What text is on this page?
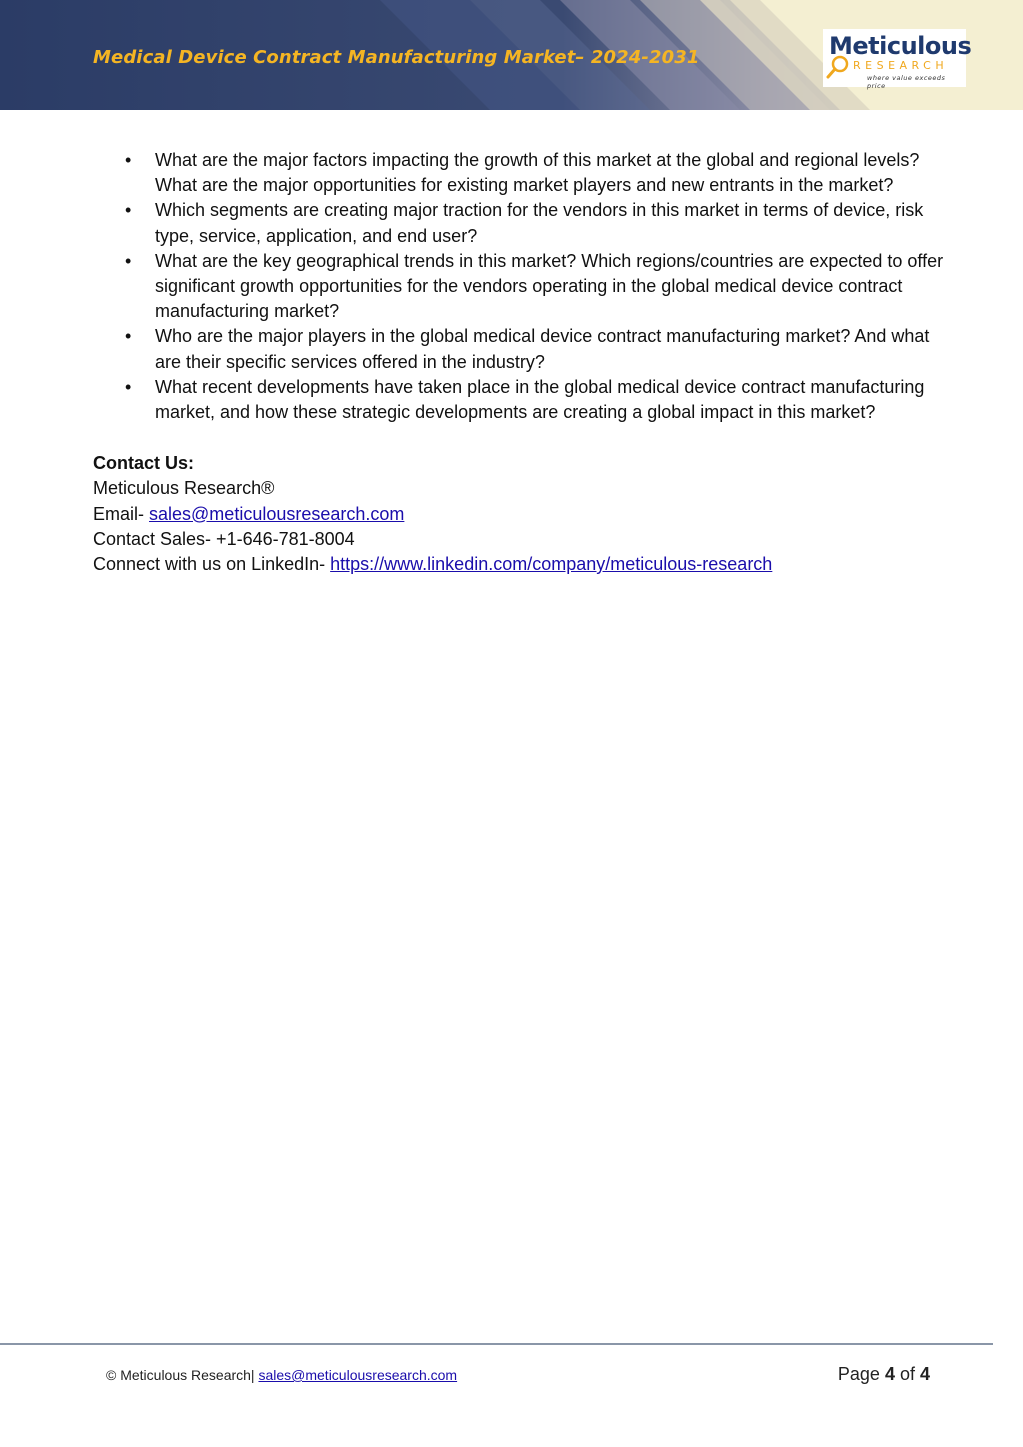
Medical Device Contract Manufacturing Market– 2024-2031	Meticulous
RESEARCH
where value exceeds price
• What are the major factors impacting the growth of this market at the global and regional levels? What are the major opportunities for existing market players and new entrants in the market?
• Which segments are creating major traction for the vendors in this market in terms of device, risk type, service, application, and end user?
• What are the key geographical trends in this market? Which regions/countries are expected to offer significant growth opportunities for the vendors operating in the global medical device contract manufacturing market?
• Who are the major players in the global medical device contract manufacturing market? And what are their specific services offered in the industry?
• What recent developments have taken place in the global medical device contract manufacturing market, and how these strategic developments are creating a global impact in this market?
Contact Us:
Meticulous Research®
Email- sales@meticulousresearch.com
Contact Sales- +1-646-781-8004
Connect with us on LinkedIn- https://www.linkedin.com/company/meticulous-research
© Meticulous Research| sales@meticulousresearch.com	Page 4 of 4
